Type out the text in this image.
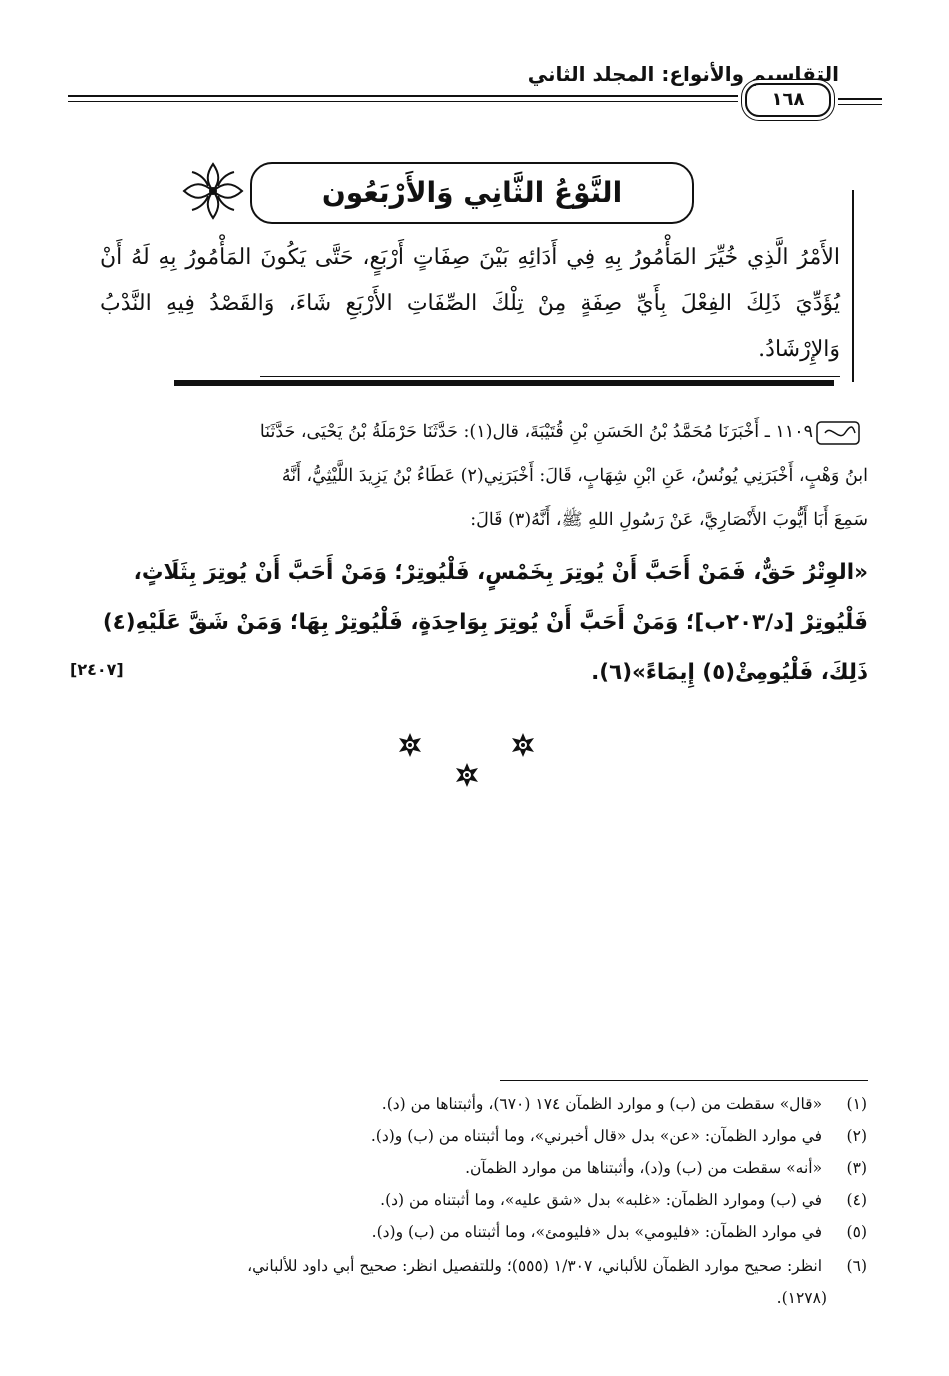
التقاسيم والأنواع: المجلد الثاني
١٦٨
النَّوْعُ الثَّانِي وَالأَرْبَعُون
الأَمْرُ الَّذِي خُيِّرَ المَأْمُورُ بِهِ فِي أَدَائِهِ بَيْنَ صِفَاتٍ أَرْبَعٍ، حَتَّى يَكُونَ المَأْمُورُ بِهِ لَهُ أَنْ يُؤَدِّيَ ذَلِكَ الفِعْلَ بِأَيِّ صِفَةٍ مِنْ تِلْكَ الصِّفَاتِ الأَرْبَعِ شَاءَ، وَالقَصْدُ فِيهِ النَّدْبُ وَالإِرْشَادُ.
١١٠٩ ـ أَخْبَرَنَا مُحَمَّدُ بْنُ الحَسَنِ بْنِ قُتَيْبَةَ، قال(١): حَدَّثَنَا حَرْمَلَةُ بْنُ يَحْيَى، حَدَّثَنَا
ابنُ وَهْبٍ، أَخْبَرَنِي يُونُسُ، عَنِ ابْنِ شِهَابٍ، قَالَ: أَخْبَرَنِي(٢) عَطَاءُ بْنُ يَزِيدَ اللَّيْثِيُّ، أَنَّهُ
سَمِعَ أَبَا أَيُّوبَ الأَنْصَارِيَّ، عَنْ رَسُولِ اللهِ ﷺ، أَنَّهُ(٣) قَالَ:
«الوِتْرُ حَقٌّ، فَمَنْ أَحَبَّ أَنْ يُوتِرَ بِخَمْسٍ، فَلْيُوتِرْ؛ وَمَنْ أَحَبَّ أَنْ يُوتِرَ بِثَلَاثٍ،
فَلْيُوتِرْ [د/٢٠٣ب]؛ وَمَنْ أَحَبَّ أَنْ يُوتِرَ بِوَاحِدَةٍ، فَلْيُوتِرْ بِهَا؛ وَمَنْ شَقَّ عَلَيْهِ(٤)
ذَلِكَ، فَلْيُومِئْ(٥) إِيمَاءً»(٦).
[٢٤٠٧]
(١) «قال» سقطت من (ب) و موارد الظمآن ١٧٤ (٦٧٠)، وأثبتناها من (د).
(٢) في موارد الظمآن: «عن» بدل «قال أخبرني»، وما أثبتناه من (ب) و(د).
(٣) «أنه» سقطت من (ب) و(د)، وأثبتناها من موارد الظمآن.
(٤) في (ب) وموارد الظمآن: «غلبه» بدل «شق عليه»، وما أثبتناه من (د).
(٥) في موارد الظمآن: «فليومي» بدل «فليومئ»، وما أثبتناه من (ب) و(د).
(٦) انظر: صحيح موارد الظمآن للألباني، ١/٣٠٧ (٥٥٥)؛ وللتفصيل انظر: صحيح أبي داود للألباني،
(١٢٧٨).
